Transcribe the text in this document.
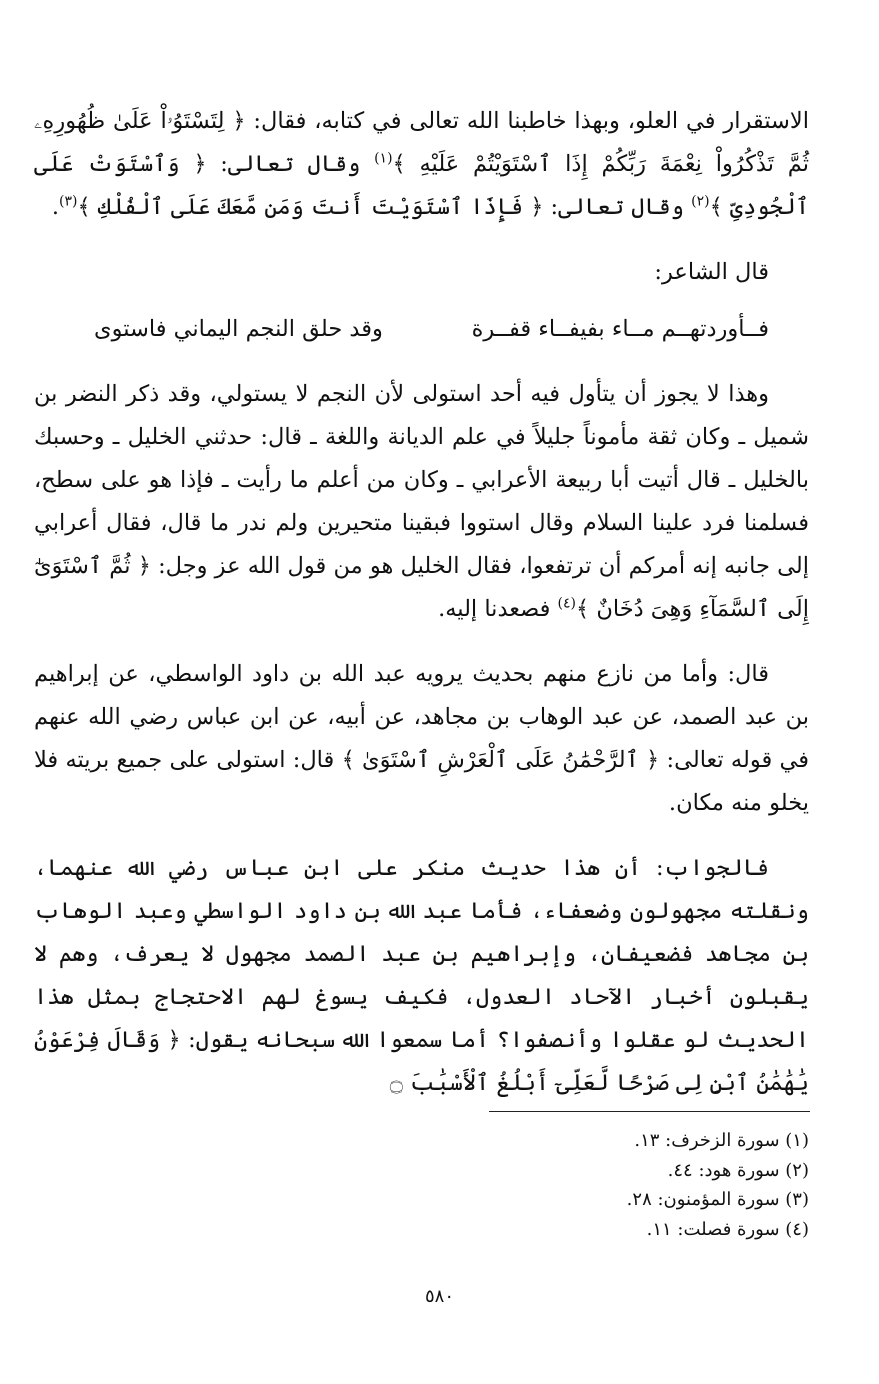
الاستقرار في العلو، وبهذا خاطبنا الله تعالى في كتابه، فقال: ﴿ لِتَسْتَوُۥاْ عَلَىٰ ظُهُورِهِۦ ثُمَّ تَذْكُرُواْ نِعْمَةَ رَبِّكُمْ إِذَا ٱسْتَوَيْتُمْ عَلَيْهِ ﴾$^{(١)}$ وقال تعالى: ﴿ وَٱسْتَوَتْ عَلَى ٱلْجُودِىِّ ﴾$^{(٢)}$ وقال تعالى: ﴿ فَإِذَا ٱسْتَوَيْتَ أَنتَ وَمَن مَّعَكَ عَلَى ٱلْفُلْكِ ﴾$^{(٣)}$.

قال الشاعر:

فــأوردتهــم مــاء بفيفــاء قفــرة
وقد حلق النجم اليماني فاستوى

وهذا لا يجوز أن يتأول فيه أحد استولى لأن النجم لا يستولي، وقد ذكر النضر بن شميل ـ وكان ثقة مأموناً جليلاً في علم الديانة واللغة ـ قال: حدثني الخليل ـ وحسبك بالخليل ـ قال أتيت أبا ربيعة الأعرابي ـ وكان من أعلم ما رأيت ـ فإذا هو على سطح، فسلمنا فرد علينا السلام وقال استووا فبقينا متحيرين ولم ندر ما قال، فقال أعرابي إلى جانبه إنه أمركم أن ترتفعوا، فقال الخليل هو من قول الله عز وجل: ﴿ ثُمَّ ٱسْتَوَىٰٓ إِلَى ٱلسَّمَآءِ وَهِىَ دُخَانٌ ﴾$^{(٤)}$ فصعدنا إليه.

قال: وأما من نازع منهم بحديث يرويه عبد الله بن داود الواسطي، عن إبراهيم بن عبد الصمد، عن عبد الوهاب بن مجاهد، عن أبيه، عن ابن عباس رضي الله عنهم في قوله تعالى: ﴿ ٱلرَّحْمَٰنُ عَلَى ٱلْعَرْشِ ٱسْتَوَىٰ ﴾ قال: استولى على جميع بريته فلا يخلو منه مكان.

فالجواب: أن هذا حديث منكر على ابن عباس رضي الله عنهما، ونقلته مجهولون وضعفاء، فأما عبد الله بن داود الواسطي وعبد الوهاب بن مجاهد فضعيفان، وإبراهيم بن عبد الصمد مجهول لا يعرف، وهم لا يقبلون أخبار الآحاد العدول، فكيف يسوغ لهم الاحتجاج بمثل هذا الحديث لو عقلوا وأنصفوا؟ أما سمعوا الله سبحانه يقول: ﴿ وَقَالَ فِرْعَوْنُ يَٰهَٰمَٰنُ ٱبْنِ لِى صَرْحًا لَّعَلِّىٓ أَبْلُغُ ٱلْأَسْبَٰبَ ۝

(١) سورة الزخرف: ١٣.

(٢) سورة هود: ٤٤.

(٣) سورة المؤمنون: ٢٨.

(٤) سورة فصلت: ١١.

٥٨٠
